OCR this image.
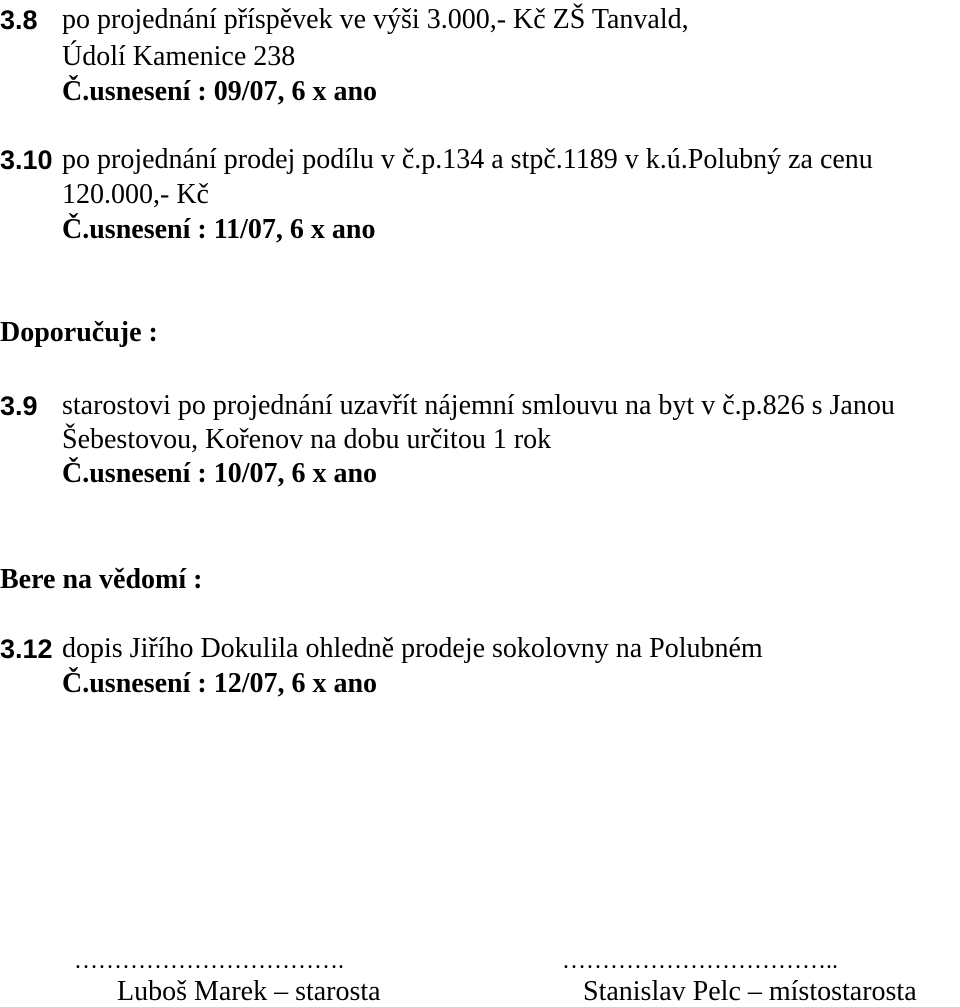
3.8 po projednání příspěvek ve výši 3.000,- Kč ZŠ Tanvald,
Údolí Kamenice 238
Č.usnesení : 09/07, 6 x ano
3.10 po projednání prodej podílu v č.p.134 a stpč.1189 v k.ú.Polubný za cenu
120.000,- Kč
Č.usnesení : 11/07, 6 x ano
Doporučuje :
3.9 starostovi po projednání uzavřít nájemní smlouvu na byt v č.p.826 s Janou
Šebestovou, Kořenov na dobu určitou 1 rok
Č.usnesení : 10/07, 6 x ano
Bere na vědomí :
3.12 dopis Jiřího Dokulila ohledně prodeje sokolovny na Polubném
Č.usnesení : 12/07, 6 x ano
…………………………….
Luboš Marek – starosta
……………………………..
Stanislav Pelc – místostarosta
